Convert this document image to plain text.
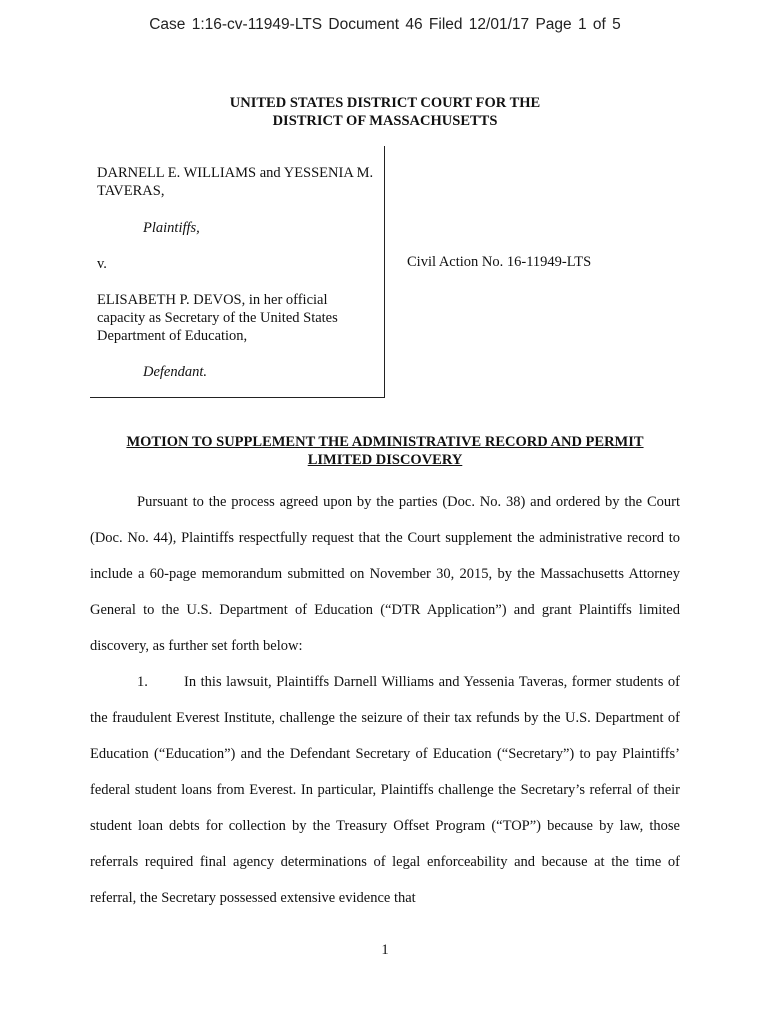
Case 1:16-cv-11949-LTS Document 46 Filed 12/01/17 Page 1 of 5
UNITED STATES DISTRICT COURT FOR THE
DISTRICT OF MASSACHUSETTS

DARNELL E. WILLIAMS and YESSENIA M. TAVERAS,

Plaintiffs,

v.

ELISABETH P. DEVOS, in her official capacity as Secretary of the United States Department of Education,

Defendant.

Civil Action No. 16-11949-LTS
MOTION TO SUPPLEMENT THE ADMINISTRATIVE RECORD AND PERMIT
LIMITED DISCOVERY

Pursuant to the process agreed upon by the parties (Doc. No. 38) and ordered by the Court (Doc. No. 44), Plaintiffs respectfully request that the Court supplement the administrative record to include a 60-page memorandum submitted on November 30, 2015, by the Massachusetts Attorney General to the U.S. Department of Education (“DTR Application”) and grant Plaintiffs limited discovery, as further set forth below:

1. In this lawsuit, Plaintiffs Darnell Williams and Yessenia Taveras, former students of the fraudulent Everest Institute, challenge the seizure of their tax refunds by the U.S. Department of Education (“Education”) and the Defendant Secretary of Education (“Secretary”) to pay Plaintiffs’ federal student loans from Everest. In particular, Plaintiffs challenge the Secretary’s referral of their student loan debts for collection by the Treasury Offset Program (“TOP”) because by law, those referrals required final agency determinations of legal enforceability and because at the time of referral, the Secretary possessed extensive evidence that

1
